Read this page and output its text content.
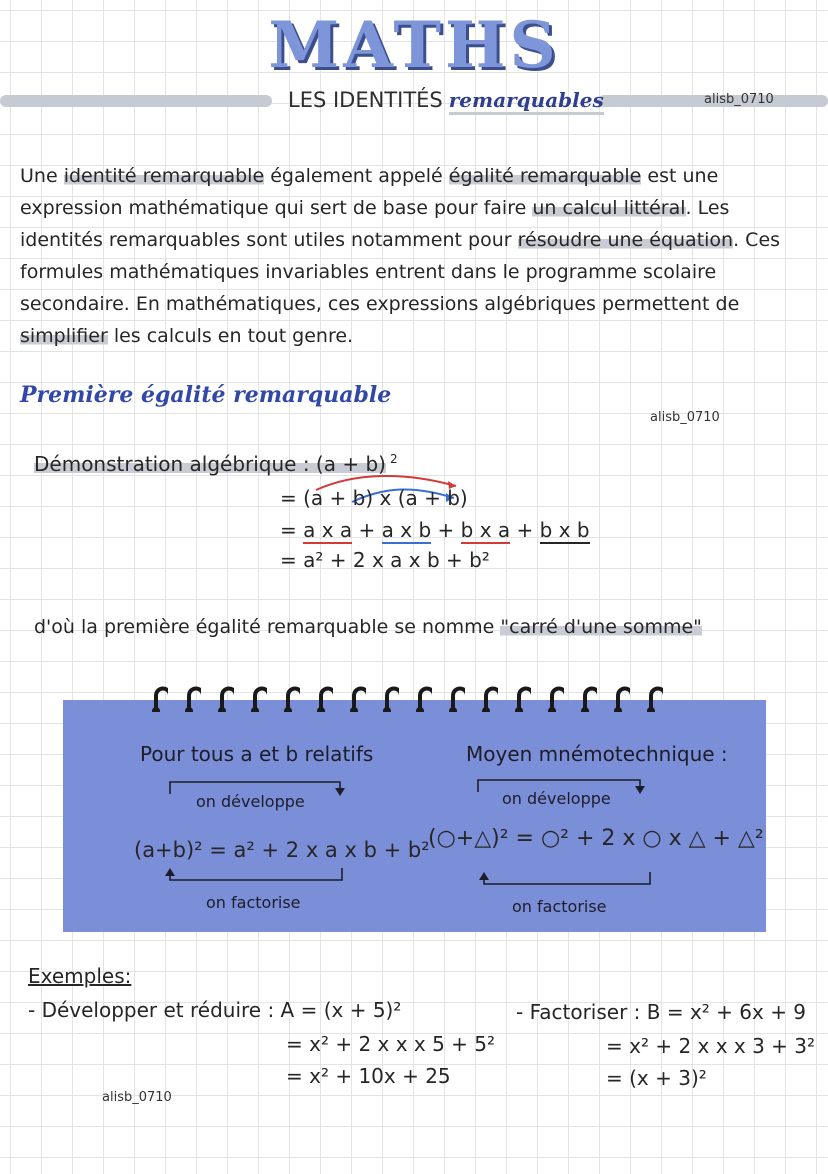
MATHS
LES IDENTITÉS remarquables	alisb_0710
Une identité remarquable également appelé égalité remarquable est une expression mathématique qui sert de base pour faire un calcul littéral. Les identités remarquables sont utiles notamment pour résoudre une équation. Ces formules mathématiques invariables entrent dans le programme scolaire secondaire. En mathématiques, ces expressions algébriques permettent de simplifier les calculs en tout genre.
Première égalité remarquable
alisb_0710
Démonstration algébrique : (a + b) $^2$
= (a + b) x (a + b)
= a x a + a x b + b x a + b x b
= a² + 2 x a x b + b²
d'où la première égalité remarquable se nomme "carré d'une somme"
Pour tous a et b relatifs	Moyen mnémotechnique :
on développe	on développe
(a+b)² = a² + 2 x a x b + b²
(○+△)² = ○² + 2 x ○ x △ + △²
on factorise	on factorise
Exemples:
- Développer et réduire : A = (x + 5)²
= x² + 2 x x x 5 + 5²
= x² + 10x + 25
- Factoriser : B = x² + 6x + 9
= x² + 2 x x x 3 + 3²
= (x + 3)²
alisb_0710
